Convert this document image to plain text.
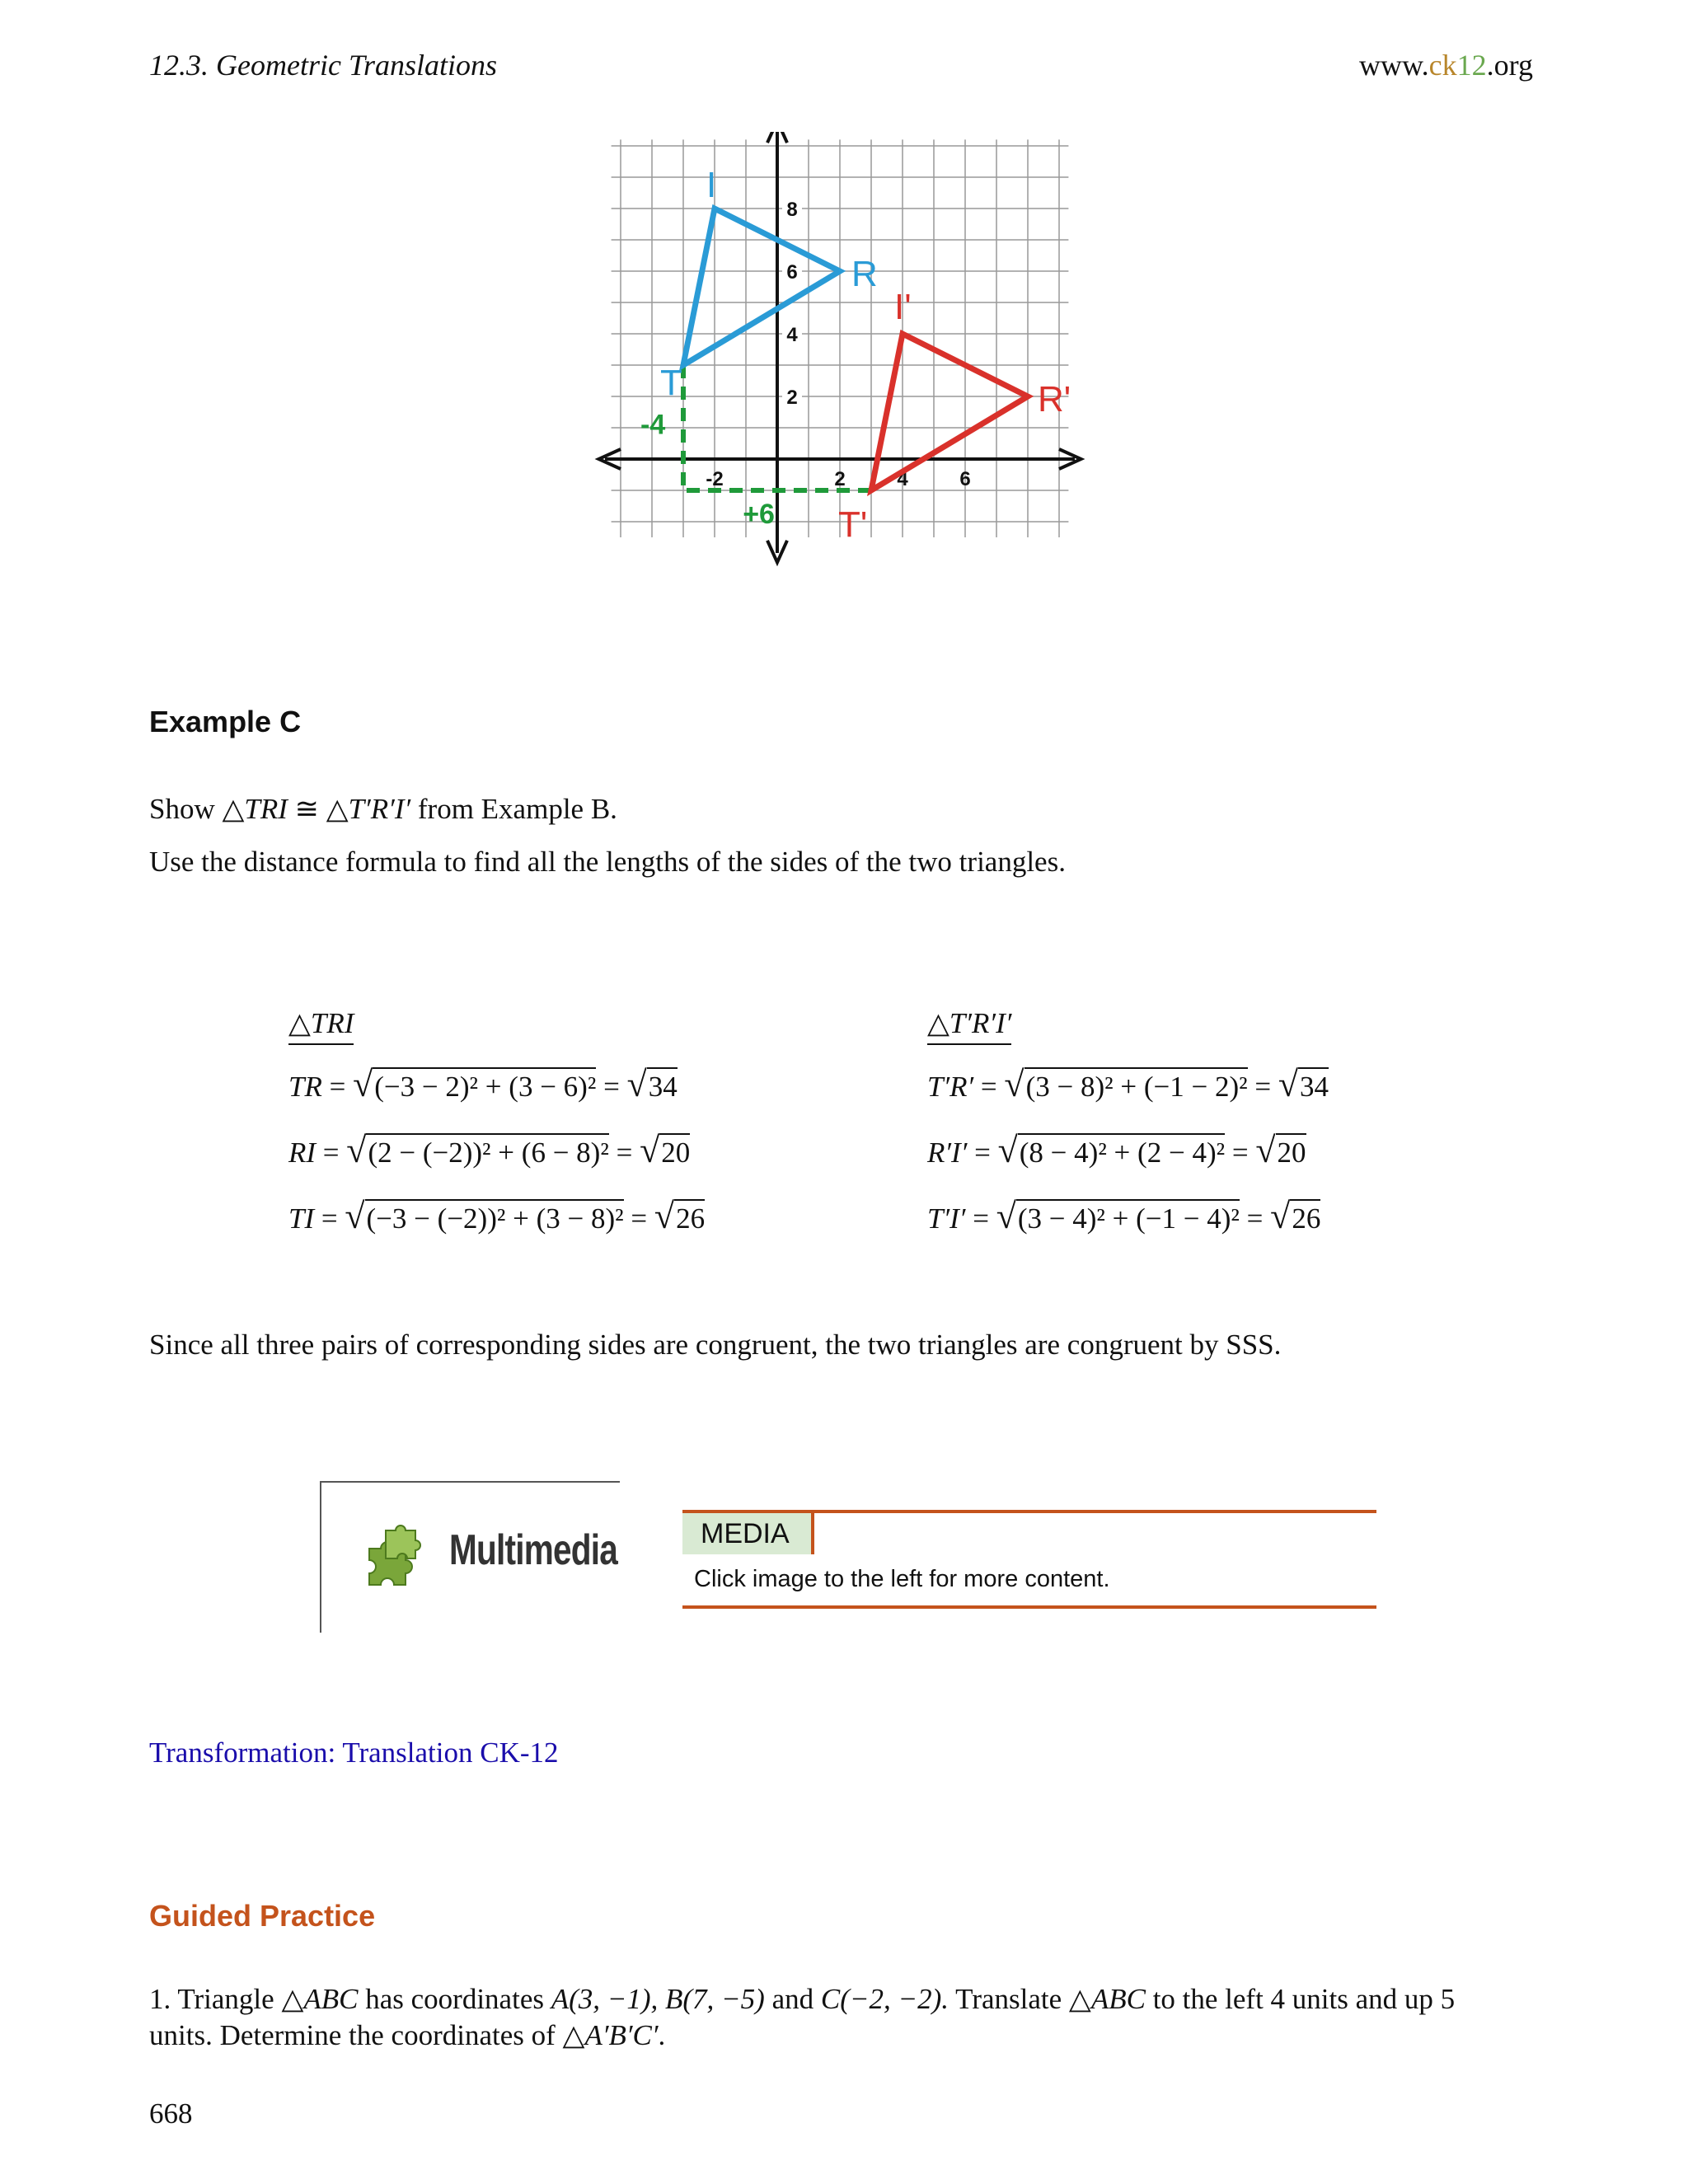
12.3. Geometric Translations	www.ck12.org
-2	2	4	6
8
6
4
2
T
R
I
T'
R'
I'
-4
+6
Example C
Show △TRI ≅ △T′R′I′ from Example B.
Use the distance formula to find all the lengths of the sides of the two triangles.
△TRI
TR = √(−3 − 2)² + (3 − 6)² = √34
RI = √(2 − (−2))² + (6 − 8)² = √20
TI = √(−3 − (−2))² + (3 − 8)² = √26
△T′R′I′
T′R′ = √(3 − 8)² + (−1 − 2)² = √34
R′I′ = √(8 − 4)² + (2 − 4)² = √20
T′I′ = √(3 − 4)² + (−1 − 4)² = √26
Since all three pairs of corresponding sides are congruent, the two triangles are congruent by SSS.
Multimedia	MEDIA
Click image to the left for more content.
Transformation: Translation CK-12
Guided Practice
1. Triangle △ABC has coordinates A(3, −1), B(7, −5) and C(−2, −2). Translate △ABC to the left 4 units and up 5
units. Determine the coordinates of △A′B′C′.
668
